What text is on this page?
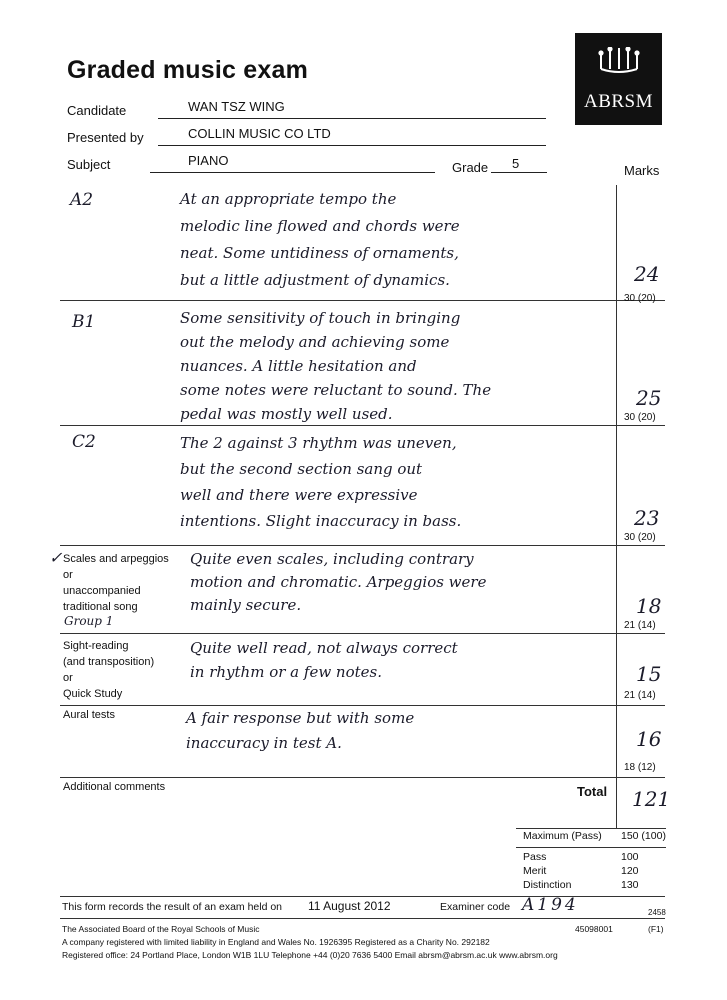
Graded music exam
ABRSM
Candidate	WAN TSZ WING
Presented by	COLLIN MUSIC CO LTD
Subject	PIANO	Grade 5	Marks
A2	At an appropriate tempo the
melodic line flowed and chords were
neat. Some untidiness of ornaments,
but a little adjustment of dynamics.	24
30 (20)
B1	Some sensitivity of touch in bringing
out the melody and achieving some
nuances. A little hesitation and
some notes were reluctant to sound. The
pedal was mostly well used.
25
30 (20)
C2	The 2 against 3 rhythm was uneven,
but the second section sang out
well and there were expressive
intentions. Slight inaccuracy in bass.	23
30 (20)
✓ Scales and arpeggios
or
unaccompanied
traditional song
Group 1
Quite even scales, including contrary
motion and chromatic. Arpeggios were
mainly secure.	18
21 (14)
Sight-reading
(and transposition)
or
Quick Study
Quite well read, not always correct
in rhythm or a few notes.	15
21 (14)
Aural tests	A fair response but with some
inaccuracy in test A.	16
18 (12)
Additional comments	Total 121
Maximum (Pass) 150 (100)
Pass	100
Merit	120
Distinction	130
This form records the result of an exam held on 11 August 2012	Examiner code A194	2458
The Associated Board of the Royal Schools of Music	45098001	(F1)
A company registered with limited liability in England and Wales No. 1926395 Registered as a Charity No. 292182
Registered office: 24 Portland Place, London W1B 1LU Telephone +44 (0)20 7636 5400 Email abrsm@abrsm.ac.uk www.abrsm.org
